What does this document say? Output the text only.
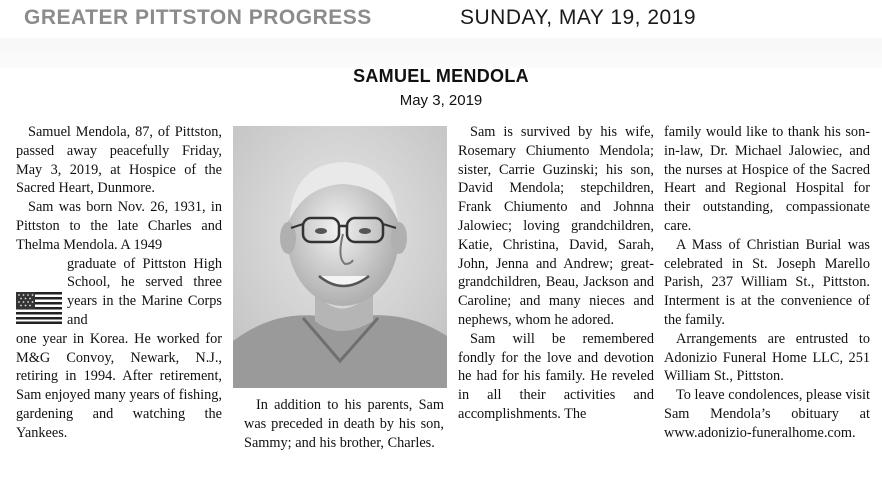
GREATER PITTSTON PROGRESS	SUNDAY, MAY 19, 2019
SAMUEL MENDOLA
May 3, 2019

Samuel Mendola, 87, of Pittston, passed away peacefully Friday, May 3, 2019, at Hospice of the Sacred Heart, Dunmore.

Sam was born Nov. 26, 1931, in Pittston to the late Charles and Thelma Mendola. A 1949

graduate of Pittston High School, he served three years in the Marine Corps and

one year in Korea. He worked for M&G Convoy, Newark, N.J., retiring in 1994. After retirement, Sam enjoyed many years of fishing, gardening and watching the Yankees.

In addition to his parents, Sam was preceded in death by his son, Sammy; and his brother, Charles.

Sam is survived by his wife, Rosemary Chiumento Mendola; sister, Carrie Guzinski; his son, David Mendola; stepchildren, Frank Chiumento and Johnna Jalowiec; loving grandchildren, Katie, Christina, David, Sarah, John, Jenna and Andrew; great-grandchildren, Beau, Jackson and Caroline; and many nieces and nephews, whom he adored.

Sam will be remembered fondly for the love and devotion he had for his family. He reveled in all their activities and accomplishments. The

family would like to thank his son-in-law, Dr. Michael Jalowiec, and the nurses at Hospice of the Sacred Heart and Regional Hospital for their outstanding, compassionate care.

A Mass of Christian Burial was celebrated in St. Joseph Marello Parish, 237 William St., Pittston. Interment is at the convenience of the family.

Arrangements are entrusted to Adonizio Funeral Home LLC, 251 William St., Pittston.

To leave condolences, please visit Sam Mendola’s obituary at www.adonizio-funeralhome.com.
